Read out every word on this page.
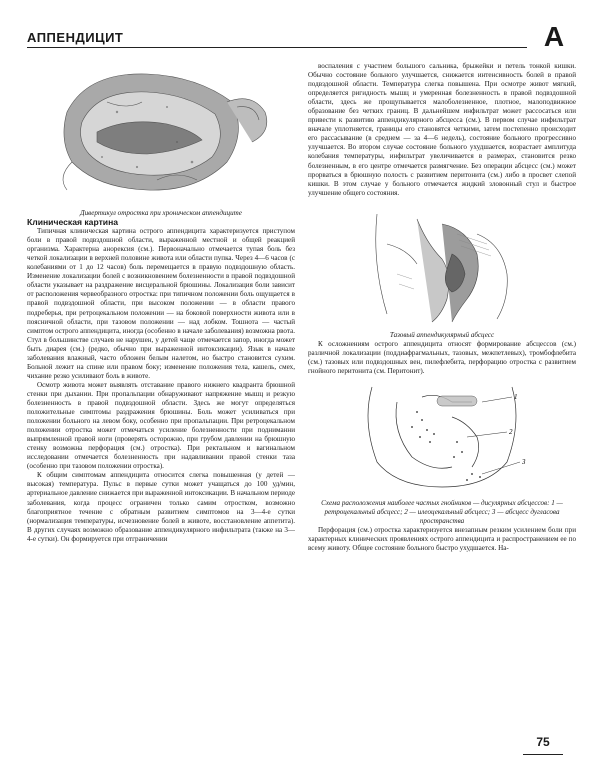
АППЕНДИЦИТ	А

Дивертикул отростка при хроническом аппендиците

Клиническая картина

Типичная клиническая картина острого аппендицита характеризуется приступом боли в правой подвздошной области, выраженной местной и общей реакцией организма. Характерна анорексия (см.). Первоначально отмечается тупая боль без четкой локализации в верхней половине живота или области пупка. Через 4—6 часов (с колебаниями от 1 до 12 часов) боль перемещается в правую подвздошную область. Изменение локализации болей с возникновением болезненности в правой подвздошной области указывает на раздражение висцеральной брюшины. Локализация боли зависит от расположения червеобразного отростка: при типичном положении боль ощущается в правой подвздошной области, при высоком положении — в области правого подреберья, при ретроцекальном положении — на боковой поверхности живота или в поясничной области, при тазовом положении — над лобком. Тошнота — частый симптом острого аппендицита, иногда (особенно в начале заболевания) возможна рвота. Стул в большинстве случаев не нарушен, у детей чаще отмечается запор, иногда может быть диарея (см.) (редко, обычно при выраженной интоксикации). Язык в начале заболевания влажный, часто обложен белым налетом, но быстро становится сухим. Больной лежит на спине или правом боку; изменение положения тела, кашель, смех, чихание резко усиливают боль в животе.

Осмотр живота может выявлять отставание правого нижнего квадранта брюшной стенки при дыхании. При пропальпации обнаруживают напряжение мышц и резкую болезненность в правой подвздошной области. Здесь же могут определяться положительные симптомы раздражения брюшины. Боль может усиливаться при положении больного на левом боку, особенно при пропальпации. При ретроцекальном положении отростка может отмечаться усиление болезненности при подниманни выпрямленной правой ноги (проверять осторожно, при грубом давлении на брюшную стенку возможна перфорация (см.) отростка). При ректальном и вагинальном исследовании отмечается болезненность при надавливании правой стенки таза (особенно при тазовом положении отростка).

К общим симптомам аппендицита относится слегка повышенная (у детей — высокая) температура. Пульс в первые сутки может учащаться до 100 уд/мин, артериальное давление снижается при выраженной интоксикации. В начальном периоде заболевания, когда процесс ограничен только самим отростком, возможно благоприятное течение с обратным развитием симптомов на 3—4-е сутки (нормализация температуры, исчезновение болей в животе, восстановление аппетита). В других случаях возможно образование аппендикулярного инфильтрата (также на 3—4-е сутки). Он формируется при отграничении

воспаления с участием большого сальника, брыжейки и петель тонкой кишки. Обычно состояние больного улучшается, снижается интенсивность болей в правой подвздошной области. Температура слегка повышена. При осмотре живот мягкий, определяется ригидность мышц и умеренная болезненность в правой подвздошной области, здесь же прощупывается малоболезненное, плотное, малоподвижное образование без четких границ. В дальнейшем инфильтрат может рассосаться или привести к развитию аппендикулярного абсцесса (см.). В первом случае инфильтрат вначале уплотняется, границы его становятся четкими, затем постепенно происходит его рассасывание (в среднем — за 4—6 недель), состояние больного прогрессивно улучшается. Во втором случае состояние больного ухудшается, возрастает амплитуда колебания температуры, инфильтрат увеличивается в размерах, становится резко болезненным, в его центре отмечается размягчение. Без операции абсцесс (см.) может прорваться в брюшную полость с развитием перитонита (см.) либо в просвет слепой кишки. В этом случае у больного отмечается жидкий зловонный стул и быстрое улучшение общего состояния.

Тазовый аппендикулярный абсцесс

К осложнениям острого аппендицита относят формирование абсцессов (см.) различной локализации (поддиафрагмальных, тазовых, межпетлевых), тромбофлебита (см.) тазовых или подвздошных вен, пилефлебита, перфорацию отростка с развитием гнойного перитонита (см. Перитонит).

1
2
3

Схема расположения наиболее частых гнойников — дисулярных абсцессов: 1 — ретроцекальный абсцесс; 2 — илеоцекальный абсцесс; 3 — абсцесс дугласова пространства

Перфорация (см.) отростка характеризуется внезапным резким усилением боли при характерных клинических проявлениях острого аппендицита и распространением ее по всему животу. Общее состояние больного быстро ухудшается. На-

75
